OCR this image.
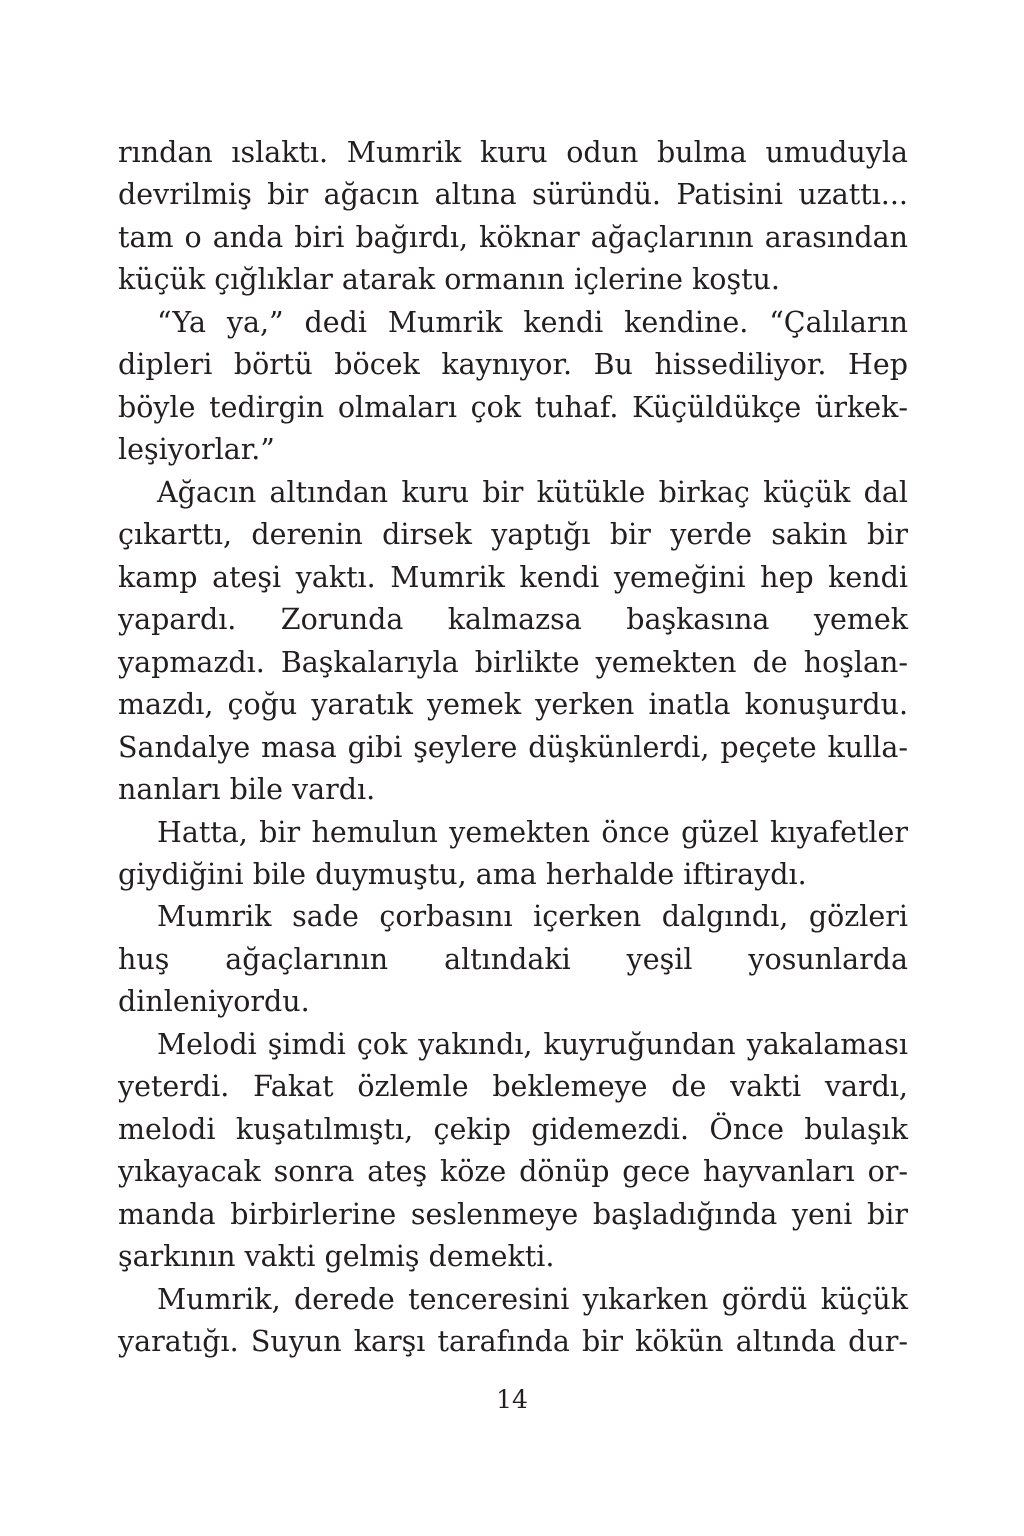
rından ıslaktı. Mumrik kuru odun bulma umuduyla devrilmiş bir ağacın altına süründü. Patisini uzattı... tam o anda biri bağırdı, köknar ağaçlarının arasından küçük çığlıklar atarak ormanın içlerine koştu.

“Ya ya,” dedi Mumrik kendi kendine. “Çalıların dipleri börtü böcek kaynıyor. Bu hissediliyor. Hep böyle tedirgin olmaları çok tuhaf. Küçüldükçe ürkekleşiyorlar.”

Ağacın altından kuru bir kütükle birkaç küçük dal çıkarttı, derenin dirsek yaptığı bir yerde sakin bir kamp ateşi yaktı. Mumrik kendi yemeğini hep kendi yapardı. Zorunda kalmazsa başkasına yemek yapmazdı. Başkalarıyla birlikte yemekten de hoşlanmazdı, çoğu yaratık yemek yerken inatla konuşurdu. Sandalye masa gibi şeylere düşkünlerdi, peçete kullananları bile vardı.

Hatta, bir hemulun yemekten önce güzel kıyafetler giydiğini bile duymuştu, ama herhalde iftiraydı.

Mumrik sade çorbasını içerken dalgındı, gözleri huş ağaçlarının altındaki yeşil yosunlarda dinleniyordu.

Melodi şimdi çok yakındı, kuyruğundan yakalaması yeterdi. Fakat özlemle beklemeye de vakti vardı, melodi kuşatılmıştı, çekip gidemezdi. Önce bulaşık yıkayacak sonra ateş köze dönüp gece hayvanları ormanda birbirlerine seslenmeye başladığında yeni bir şarkının vakti gelmiş demekti.

Mumrik, derede tenceresini yıkarken gördü küçük yaratığı. Suyun karşı tarafında bir kökün altında dur-

14
